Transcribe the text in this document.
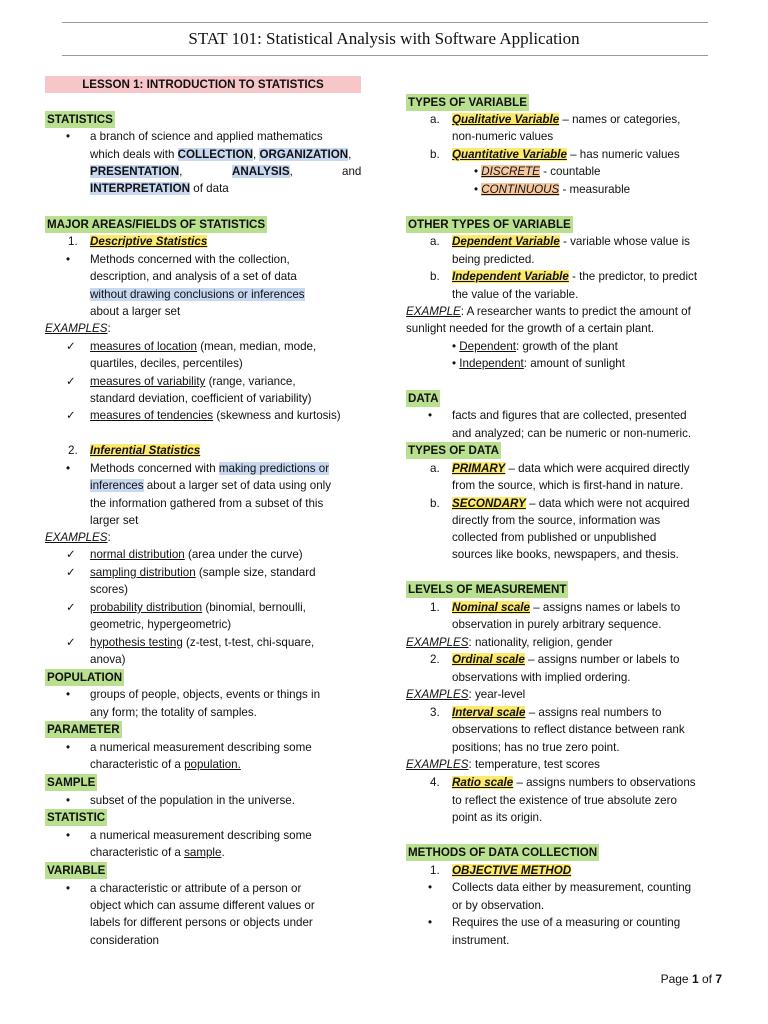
STAT 101: Statistical Analysis with Software Application
LESSON 1: INTRODUCTION TO STATISTICS
STATISTICS
• a branch of science and applied mathematics
which deals with COLLECTION, ORGANIZATION,
PRESENTATION,	ANALYSIS,	and
INTERPRETATION of data
MAJOR AREAS/FIELDS OF STATISTICS
1. Descriptive Statistics
• Methods concerned with the collection,
description, and analysis of a set of data
without drawing conclusions or inferences
about a larger set
EXAMPLES:
✓ measures of location (mean, median, mode,
quartiles, deciles, percentiles)
✓ measures of variability (range, variance,
standard deviation, coefficient of variability)
✓ measures of tendencies (skewness and kurtosis)
2. Inferential Statistics
• Methods concerned with making predictions or
inferences about a larger set of data using only
the information gathered from a subset of this
larger set
EXAMPLES:
✓ normal distribution (area under the curve)
✓ sampling distribution (sample size, standard
scores)
✓ probability distribution (binomial, bernoulli,
geometric, hypergeometric)
✓ hypothesis testing (z-test, t-test, chi-square,
anova)
POPULATION
• groups of people, objects, events or things in
any form; the totality of samples.
PARAMETER
• a numerical measurement describing some
characteristic of a population.
SAMPLE
• subset of the population in the universe.
STATISTIC
• a numerical measurement describing some
characteristic of a sample.
VARIABLE
• a characteristic or attribute of a person or
object which can assume different values or
labels for different persons or objects under
consideration
TYPES OF VARIABLE
a. Qualitative Variable – names or categories,
non-numeric values
b. Quantitative Variable – has numeric values
• DISCRETE - countable
• CONTINUOUS - measurable
OTHER TYPES OF VARIABLE
a. Dependent Variable - variable whose value is
being predicted.
b. Independent Variable - the predictor, to predict
the value of the variable.
EXAMPLE: A researcher wants to predict the amount of
sunlight needed for the growth of a certain plant.
• Dependent: growth of the plant
• Independent: amount of sunlight
DATA
• facts and figures that are collected, presented
and analyzed; can be numeric or non-numeric.
TYPES OF DATA
a. PRIMARY – data which were acquired directly
from the source, which is first-hand in nature.
b. SECONDARY – data which were not acquired
directly from the source, information was
collected from published or unpublished
sources like books, newspapers, and thesis.
LEVELS OF MEASUREMENT
1. Nominal scale – assigns names or labels to
observation in purely arbitrary sequence.
EXAMPLES: nationality, religion, gender
2. Ordinal scale – assigns number or labels to
observations with implied ordering.
EXAMPLES: year-level
3. Interval scale – assigns real numbers to
observations to reflect distance between rank
positions; has no true zero point.
EXAMPLES: temperature, test scores
4. Ratio scale – assigns numbers to observations
to reflect the existence of true absolute zero
point as its origin.
METHODS OF DATA COLLECTION
1. OBJECTIVE METHOD
• Collects data either by measurement, counting
or by observation.
• Requires the use of a measuring or counting
instrument.
Page 1 of 7
